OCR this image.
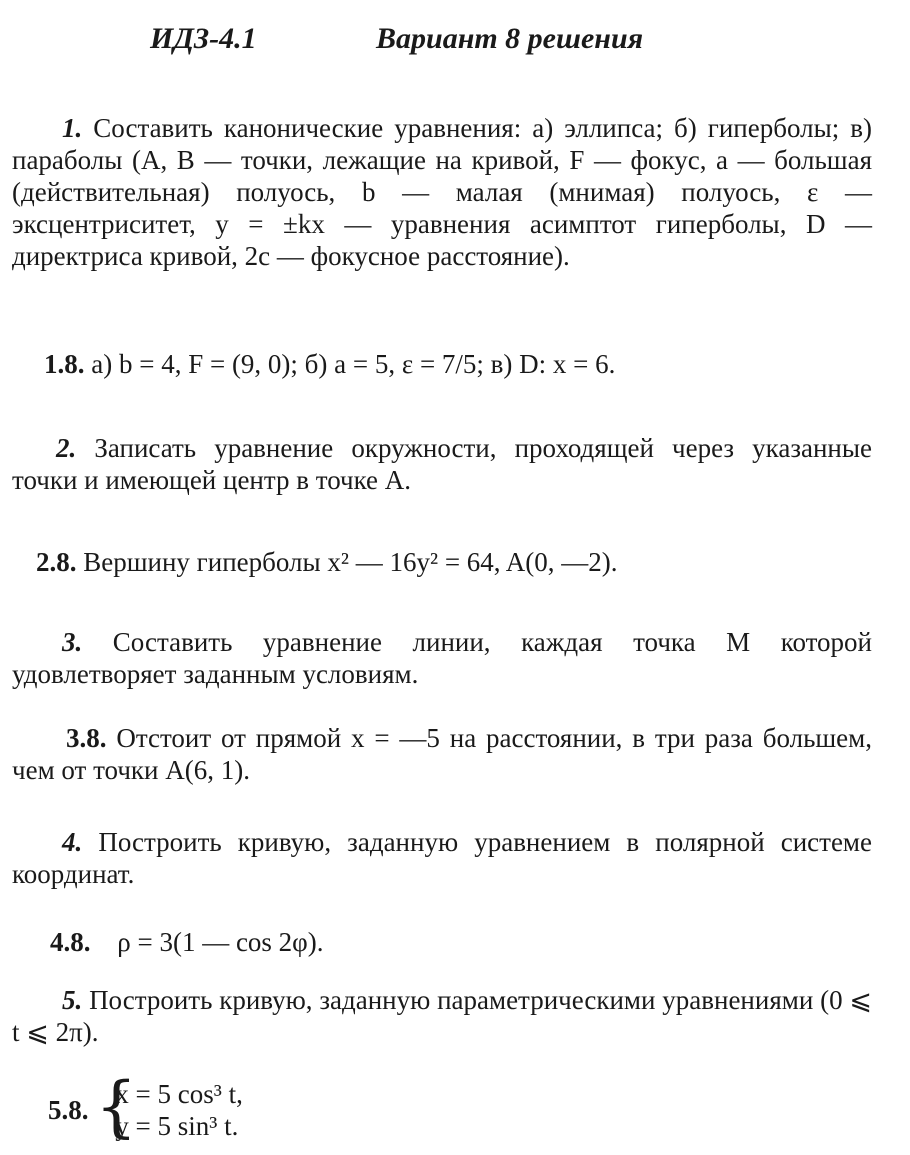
ИДЗ-4.1	Вариант 8 решения
1. Составить канонические уравнения: а) эллипса; б) гиперболы; в) параболы (A, B — точки, лежащие на кривой, F — фокус, a — большая (действительная) полуось, b — малая (мнимая) полуось, ε — эксцентриситет, y = ±kx — уравнения асимптот гиперболы, D — директриса кривой, 2c — фокусное расстояние).
1.8. а) b = 4, F = (9, 0); б) a = 5, ε = 7/5; в) D: x = 6.
2. Записать уравнение окружности, проходящей через указанные точки и имеющей центр в точке A.
2.8. Вершину гиперболы x² — 16y² = 64, A(0, —2).
3. Составить уравнение линии, каждая точка M которой удовлетворяет заданным условиям.
3.8. Отстоит от прямой x = —5 на расстоянии, в три раза большем, чем от точки A(6, 1).
4. Построить кривую, заданную уравнением в полярной системе координат.
4.8. ρ = 3(1 — cos 2φ).
5. Построить кривую, заданную параметрическими уравнениями (0 ⩽ t ⩽ 2π).
5.8. {
x = 5 cos³ t,
y = 5 sin³ t.
